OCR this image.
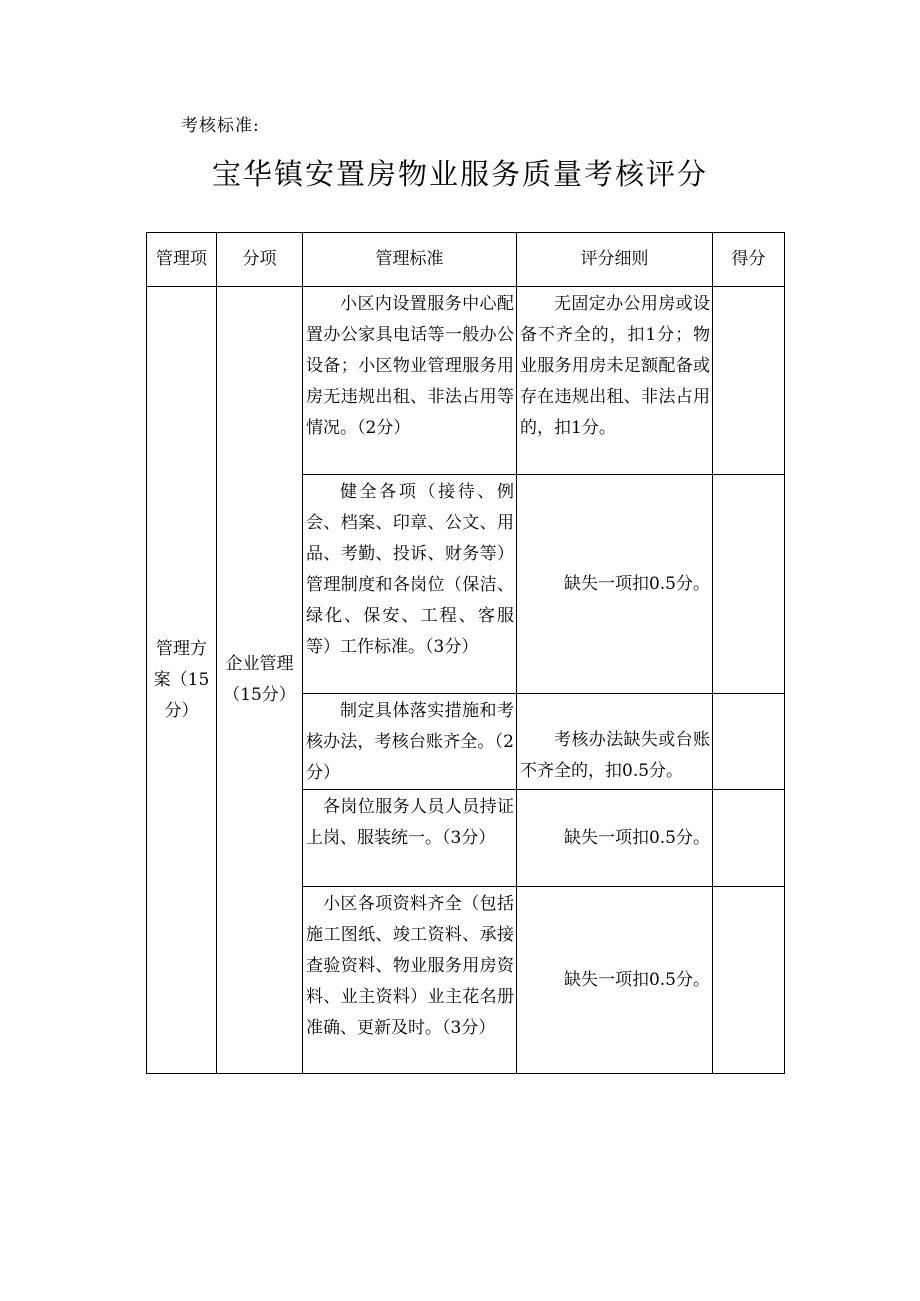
考核标准:
宝华镇安置房物业服务质量考核评分
管理项	分项	管理标准	评分细则	得分
管理方案（15分）	企业管理（15分）	小区内设置服务中心配置办公家具电话等一般办公设备；小区物业管理服务用房无违规出租、非法占用等情况。（2分）	无固定办公用房或设备不齐全的，扣1分；物业服务用房未足额配备或存在违规出租、非法占用的，扣1分。	
		健全各项（接待、例会、档案、印章、公文、用品、考勤、投诉、财务等）管理制度和各岗位（保洁、绿化、保安、工程、客服等）工作标准。（3分）	缺失一项扣0.5分。	
		制定具体落实措施和考核办法，考核台账齐全。（2分）	考核办法缺失或台账不齐全的，扣0.5分。	
		各岗位服务人员人员持证上岗、服装统一。（3分）	缺失一项扣0.5分。	
		小区各项资料齐全（包括施工图纸、竣工资料、承接查验资料、物业服务用房资料、业主资料）业主花名册准确、更新及时。（3分）	缺失一项扣0.5分。	
